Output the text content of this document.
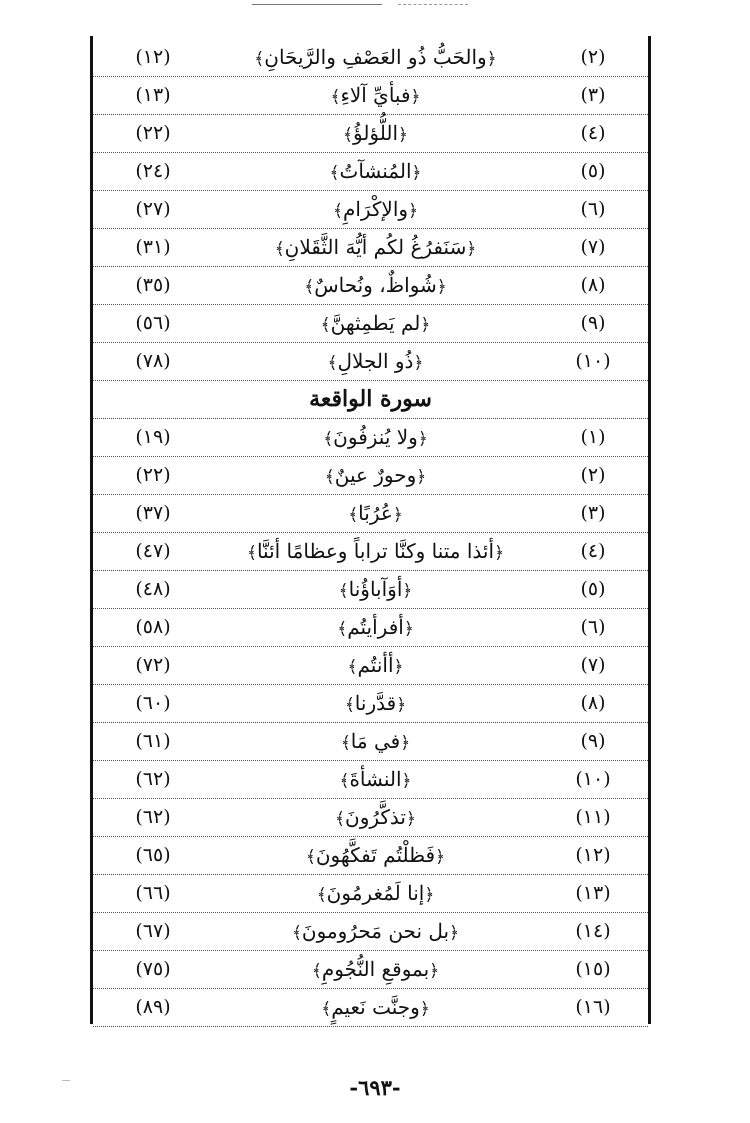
(٢)
﴿والحَبُّ ذُو العَصْفِ والرَّيحَانِ﴾
(١٢)
(٣)
﴿فبأيِّ آلاءِ﴾
(١٣)
(٤)
﴿اللُّؤلؤُ﴾
(٢٢)
(٥)
﴿المُنشآتُ﴾
(٢٤)
(٦)
﴿والإكْرَامِ﴾
(٢٧)
(٧)
﴿سَنَفرُغُ لكُم أيُّهَ الثَّقَلانِ﴾
(٣١)
(٨)
﴿شُواظٌ، ونُحاسٌ﴾
(٣٥)
(٩)
﴿لم يَطمِثهنَّ﴾
(٥٦)
(١٠)
﴿ذُو الجلالِ﴾
(٧٨)
سورة الواقعة
(١)
﴿ولا يُنزفُونَ﴾
(١٩)
(٢)
﴿وحورٌ عينٌ﴾
(٢٢)
(٣)
﴿عُرُبًا﴾
(٣٧)
(٤)
﴿أئذا متنا وكنَّا تراباً وعظامًا أئنَّا﴾
(٤٧)
(٥)
﴿أوَآباؤُنا﴾
(٤٨)
(٦)
﴿أفرأيتُم﴾
(٥٨)
(٧)
﴿أأنتُم﴾
(٧٢)
(٨)
﴿قدَّرنا﴾
(٦٠)
(٩)
﴿في مَا﴾
(٦١)
(١٠)
﴿النشأةَ﴾
(٦٢)
(١١)
﴿تذكَّرُونَ﴾
(٦٢)
(١٢)
﴿فَظلْتُم تَفكَّهُونَ﴾
(٦٥)
(١٣)
﴿إنا لَمُغرمُونَ﴾
(٦٦)
(١٤)
﴿بل نحن مَحرُومونَ﴾
(٦٧)
(١٥)
﴿بموقعِ النُّجُومِ﴾
(٧٥)
(١٦)
﴿وجنَّت نَعيمٍ﴾
(٨٩)
-٦٩٣-
